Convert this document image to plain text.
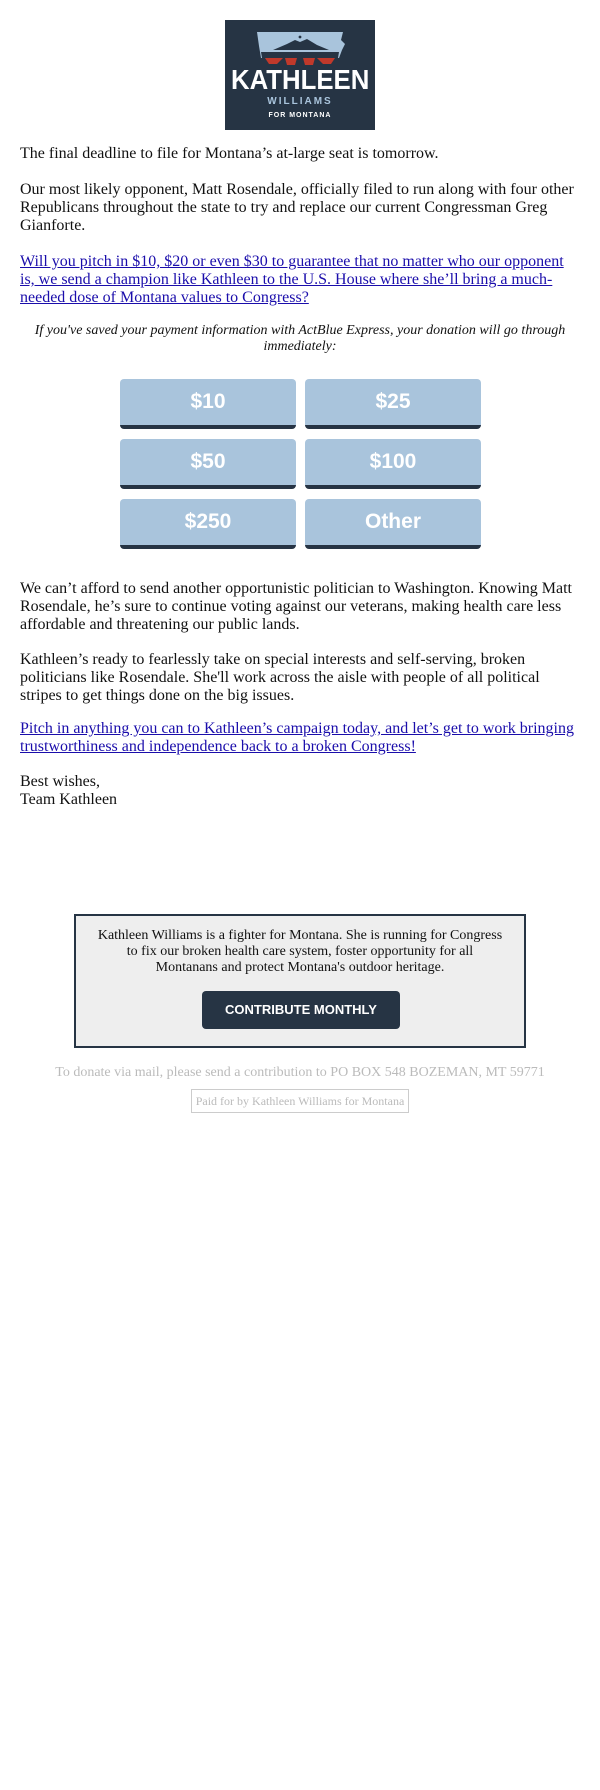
KATHLEEN
WILLIAMS
FOR MONTANA

The final deadline to file for Montana’s at-large seat is tomorrow.

Our most likely opponent, Matt Rosendale, officially filed to run along with four other Republicans throughout the state to try and replace our current Congressman Greg Gianforte.

Will you pitch in $10, $20 or even $30 to guarantee that no matter who our opponent is, we send a champion like Kathleen to the U.S. House where she’ll bring a much-needed dose of Montana values to Congress?

If you've saved your payment information with ActBlue Express, your donation will go through immediately:

$10	$25
$50	$100
$250	Other

We can’t afford to send another opportunistic politician to Washington. Knowing Matt Rosendale, he’s sure to continue voting against our veterans, making health care less affordable and threatening our public lands.

Kathleen’s ready to fearlessly take on special interests and self-serving, broken politicians like Rosendale. She'll work across the aisle with people of all political stripes to get things done on the big issues.

Pitch in anything you can to Kathleen’s campaign today, and let’s get to work bringing trustworthiness and independence back to a broken Congress!

Best wishes,

Team Kathleen

Kathleen Williams is a fighter for Montana. She is running for Congress to fix our broken health care system, foster opportunity for all Montanans and protect Montana's outdoor heritage.

CONTRIBUTE MONTHLY

To donate via mail, please send a contribution to PO BOX 548 BOZEMAN, MT 59771

Paid for by Kathleen Williams for Montana
